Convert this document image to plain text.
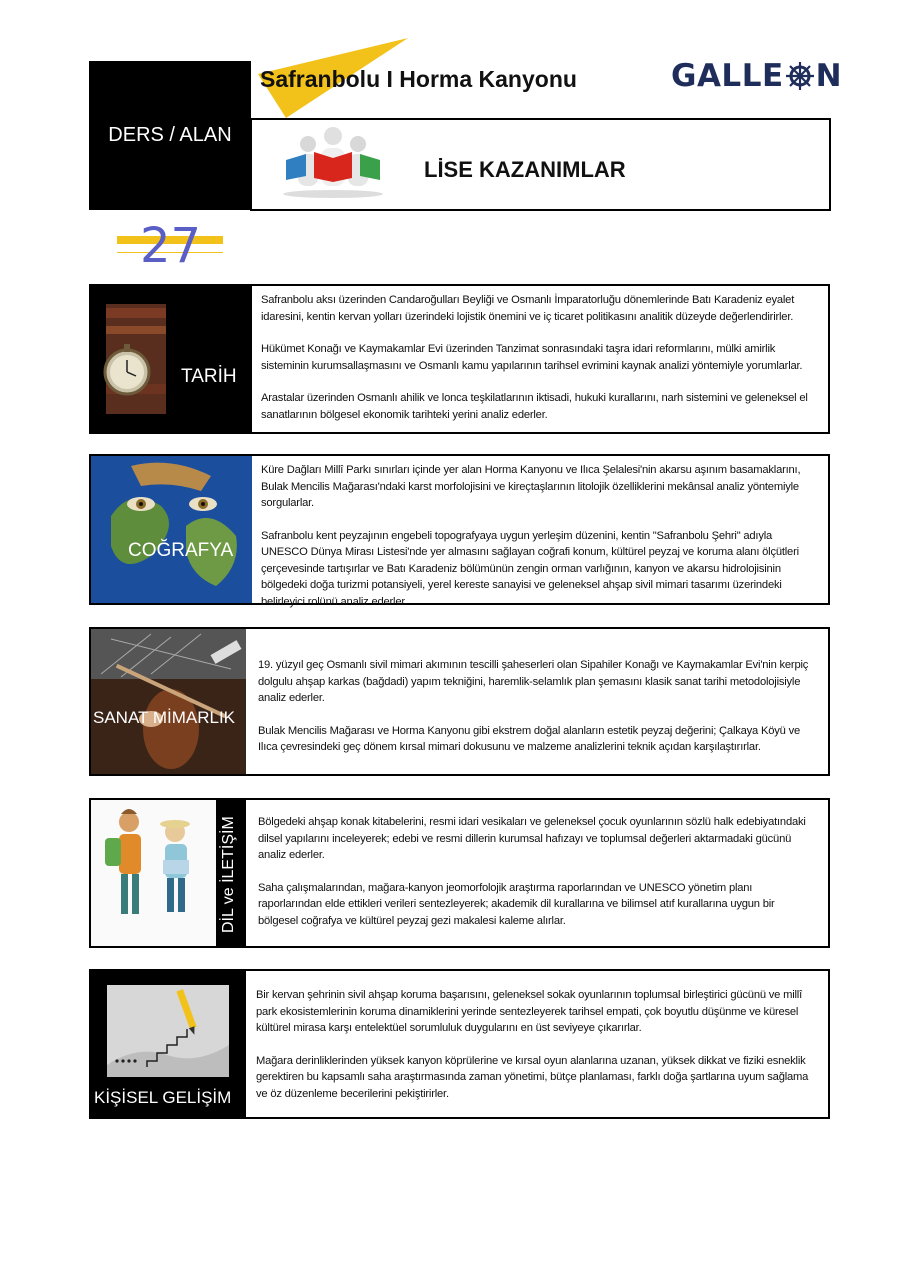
DERS / ALAN
Safranbolu I Horma Kanyonu	GALLE N
LİSE KAZANIMLAR
27
TARİH

Safranbolu aksı üzerinden Candaroğulları Beyliği ve Osmanlı İmparatorluğu dönemlerinde Batı Karadeniz eyalet idaresini, kentin kervan yolları üzerindeki lojistik önemini ve iç ticaret politikasını analitik düzeyde değerlendirirler.

Hükümet Konağı ve Kaymakamlar Evi üzerinden Tanzimat sonrasındaki taşra idari reformlarını, mülki amirlik sisteminin kurumsallaşmasını ve Osmanlı kamu yapılarının tarihsel evrimini kaynak analizi yöntemiyle yorumlarlar.

Arastalar üzerinden Osmanlı ahilik ve lonca teşkilatlarının iktisadi, hukuki kurallarını, narh sistemini ve geleneksel el sanatlarının bölgesel ekonomik tarihteki yerini analiz ederler.

COĞRAFYA

Küre Dağları Millî Parkı sınırları içinde yer alan Horma Kanyonu ve Ilıca Şelalesi'nin akarsu aşınım basamaklarını, Bulak Mencilis Mağarası'ndaki karst morfolojisini ve kireçtaşlarının litolojik özelliklerini mekânsal analiz yöntemiyle sorgularlar.

Safranbolu kent peyzajının engebeli topografyaya uygun yerleşim düzenini, kentin "Safranbolu Şehri" adıyla UNESCO Dünya Mirası Listesi'nde yer almasını sağlayan coğrafi konum, kültürel peyzaj ve koruma alanı ölçütleri çerçevesinde tartışırlar ve Batı Karadeniz bölümünün zengin orman varlığının, kanyon ve akarsu hidrolojisinin bölgedeki doğa turizmi potansiyeli, yerel kereste sanayisi ve geleneksel ahşap sivil mimari tasarımı üzerindeki belirleyici rolünü analiz ederler.

SANAT MİMARLIK

19. yüzyıl geç Osmanlı sivil mimari akımının tescilli şaheserleri olan Sipahiler Konağı ve Kaymakamlar Evi'nin kerpiç dolgulu ahşap karkas (bağdadi) yapım tekniğini, haremlik-selamlık plan şemasını klasik sanat tarihi metodolojisiyle analiz ederler.

Bulak Mencilis Mağarası ve Horma Kanyonu gibi ekstrem doğal alanların estetik peyzaj değerini; Çalkaya Köyü ve Ilıca çevresindeki geç dönem kırsal mimari dokusunu ve malzeme analizlerini teknik açıdan karşılaştırırlar.

DİL ve İLETİŞİM Bölgedeki ahşap konak kitabelerini, resmi idari vesikaları ve geleneksel çocuk oyunlarının sözlü halk edebiyatındaki dilsel yapılarını inceleyerek; edebi ve resmi dillerin kurumsal hafızayı ve toplumsal değerleri aktarmadaki gücünü analiz ederler.

Saha çalışmalarından, mağara-kanyon jeomorfolojik araştırma raporlarından ve UNESCO yönetim planı raporlarından elde ettikleri verileri sentezleyerek; akademik dil kurallarına ve bilimsel atıf kurallarına uygun bir bölgesel coğrafya ve kültürel peyzaj gezi makalesi kaleme alırlar.

KİŞİSEL GELİŞİM

Bir kervan şehrinin sivil ahşap koruma başarısını, geleneksel sokak oyunlarının toplumsal birleştirici gücünü ve millî park ekosistemlerinin koruma dinamiklerini yerinde sentezleyerek tarihsel empati, çok boyutlu düşünme ve küresel kültürel mirasa karşı entelektüel sorumluluk duygularını en üst seviyeye çıkarırlar.

Mağara derinliklerinden yüksek kanyon köprülerine ve kırsal oyun alanlarına uzanan, yüksek dikkat ve fiziki esneklik gerektiren bu kapsamlı saha araştırmasında zaman yönetimi, bütçe planlaması, farklı doğa şartlarına uyum sağlama ve öz düzenleme becerilerini pekiştirirler.
